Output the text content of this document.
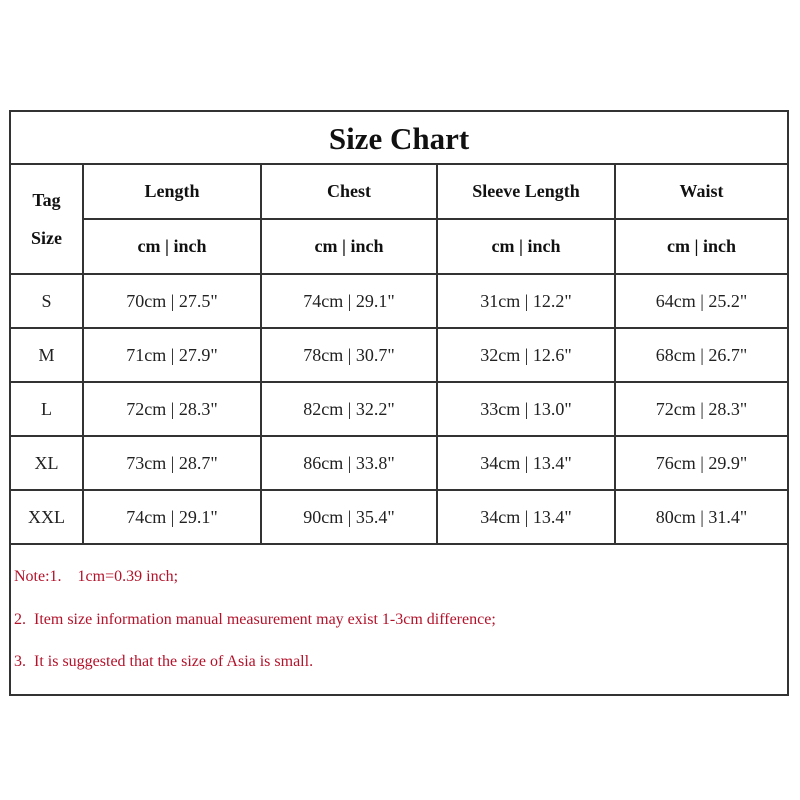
Size Chart
Tag
Size	Length	Chest	Sleeve Length	Waist
	cm | inch	cm | inch	cm | inch	cm | inch
S	70cm | 27.5"	74cm | 29.1"	31cm | 12.2"	64cm | 25.2"
M	71cm | 27.9"	78cm | 30.7"	32cm | 12.6"	68cm | 26.7"
L	72cm | 28.3"	82cm | 32.2"	33cm | 13.0"	72cm | 28.3"
XL	73cm | 28.7"	86cm | 33.8"	34cm | 13.4"	76cm | 29.9"
XXL	74cm | 29.1"	90cm | 35.4"	34cm | 13.4"	80cm | 31.4"
Note:1.    1cm=0.39 inch;
2.  Item size information manual measurement may exist 1-3cm difference;
3.  It is suggested that the size of Asia is small.
